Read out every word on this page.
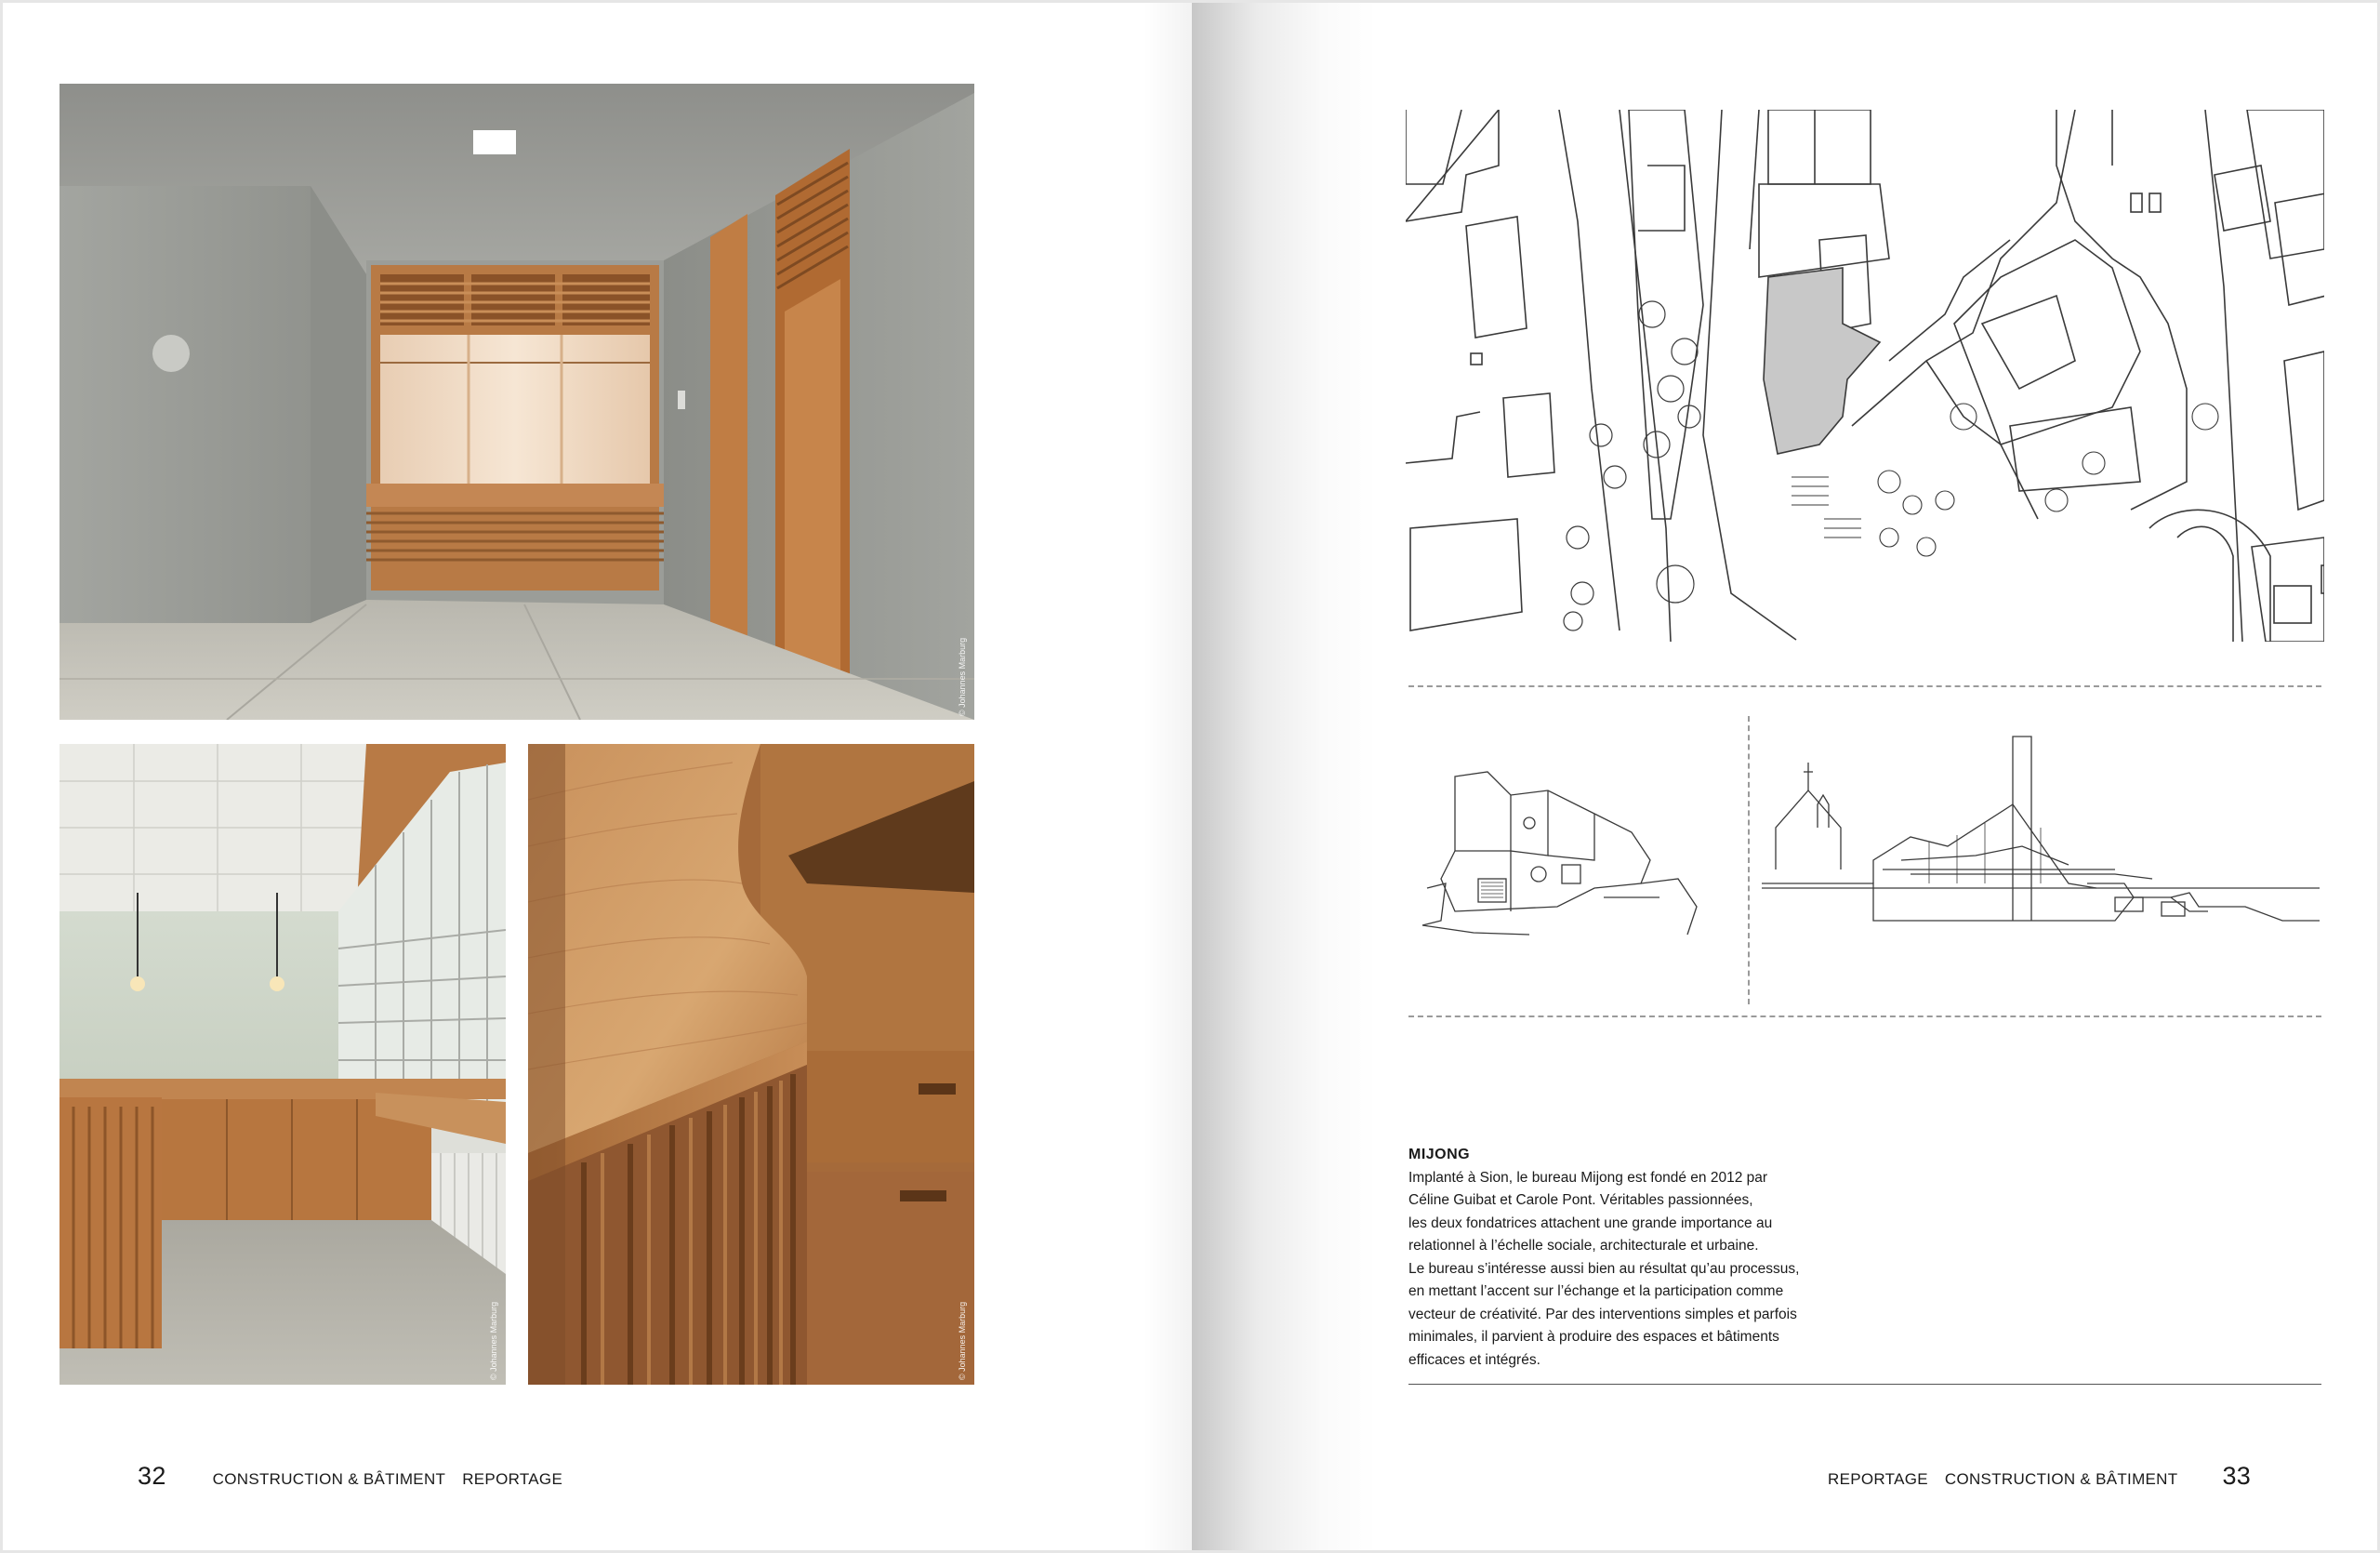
© Johannes Marburg
© Johannes Marburg	© Johannes Marburg
32	CONSTRUCTION & BÂTIMENT REPORTAGE
MIJONG
Implanté à Sion, le bureau Mijong est fondé en 2012 par
Céline Guibat et Carole Pont. Véritables passionnées,
les deux fondatrices attachent une grande importance au
relationnel à l’échelle sociale, architecturale et urbaine.
Le bureau s’intéresse aussi bien au résultat qu’au processus,
en mettant l’accent sur l’échange et la participation comme
vecteur de créativité. Par des interventions simples et parfois
minimales, il parvient à produire des espaces et bâtiments
efficaces et intégrés.
REPORTAGE CONSTRUCTION & BÂTIMENT 33
